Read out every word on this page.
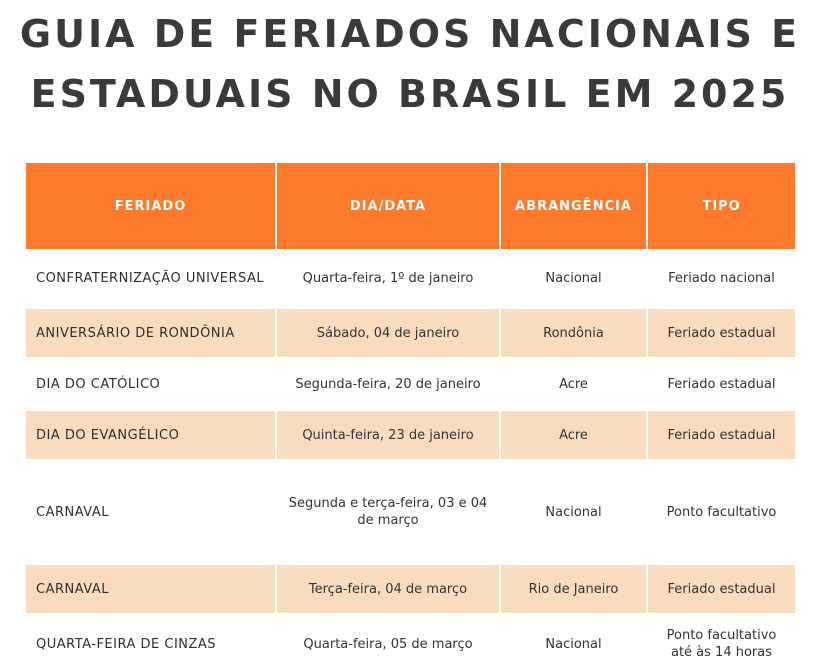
GUIA DE FERIADOS NACIONAIS E
ESTADUAIS NO BRASIL EM 2025
FERIADO	DIA/DATA	ABRANGÊNCIA	TIPO
CONFRATERNIZAÇÃO UNIVERSAL	Quarta-feira, 1º de janeiro	Nacional	Feriado nacional
ANIVERSÁRIO DE RONDÔNIA	Sábado, 04 de janeiro	Rondônia	Feriado estadual
DIA DO CATÓLICO	Segunda-feira, 20 de janeiro	Acre	Feriado estadual
DIA DO EVANGÉLICO	Quinta-feira, 23 de janeiro	Acre	Feriado estadual
CARNAVAL	Segunda e terça-feira, 03 e 04 de março	Nacional	Ponto facultativo
CARNAVAL	Terça-feira, 04 de março	Rio de Janeiro	Feriado estadual
QUARTA-FEIRA DE CINZAS	Quarta-feira, 05 de março	Nacional	Ponto facultativo até às 14 horas
